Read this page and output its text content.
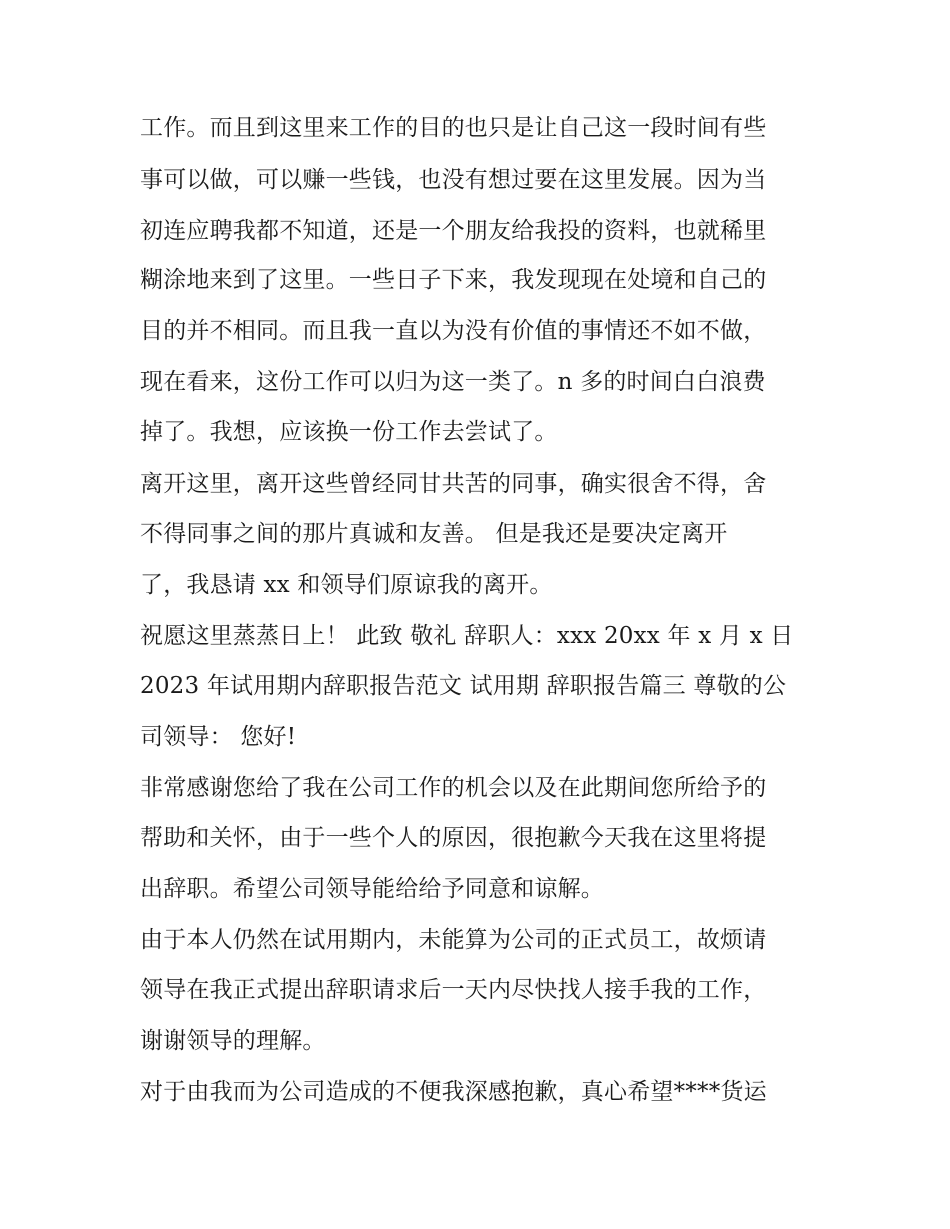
工作。而且到这里来工作的目的也只是让自己这一段时间有些
事可以做，可以赚一些钱，也没有想过要在这里发展。因为当
初连应聘我都不知道，还是一个朋友给我投的资料，也就稀里
糊涂地来到了这里。一些日子下来，我发现现在处境和自己的
目的并不相同。而且我一直以为没有价值的事情还不如不做，
现在看来，这份工作可以归为这一类了。n 多的时间白白浪费
掉了。我想，应该换一份工作去尝试了。
离开这里，离开这些曾经同甘共苦的同事，确实很舍不得，舍
不得同事之间的那片真诚和友善。 但是我还是要决定离开
了，我恳请 xx 和领导们原谅我的离开。
祝愿这里蒸蒸日上！ 此致 敬礼 辞职人：xxx 20xx 年 x 月 x 日
2023 年试用期内辞职报告范文 试用期 辞职报告篇三 尊敬的公
司领导： 您好!
非常感谢您给了我在公司工作的机会以及在此期间您所给予的
帮助和关怀，由于一些个人的原因，很抱歉今天我在这里将提
出辞职。希望公司领导能给给予同意和谅解。
由于本人仍然在试用期内，未能算为公司的正式员工，故烦请
领导在我正式提出辞职请求后一天内尽快找人接手我的工作，
谢谢领导的理解。
对于由我而为公司造成的不便我深感抱歉，真心希望****货运
